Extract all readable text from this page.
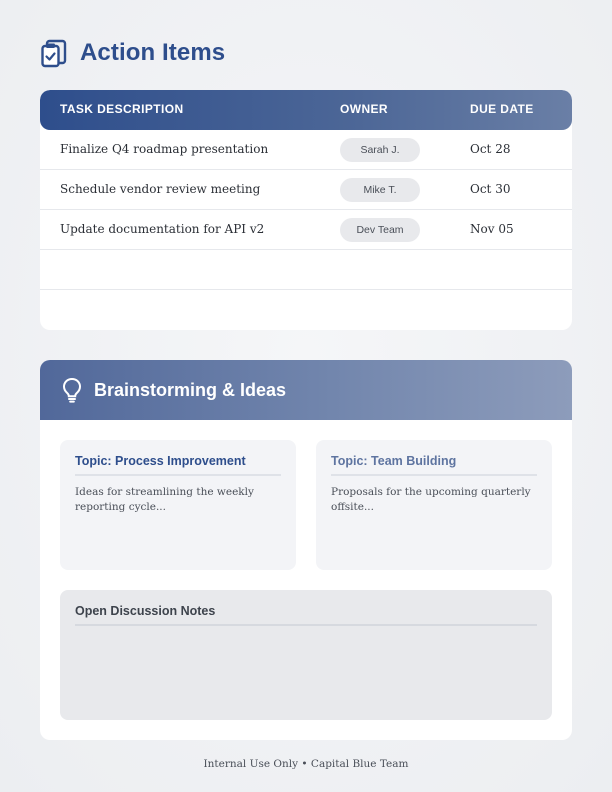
Action Items
TASK DESCRIPTION	OWNER	DUE DATE
Finalize Q4 roadmap presentation	Sarah J.	Oct 28
Schedule vendor review meeting	Mike T.	Oct 30
Update documentation for API v2	Dev Team	Nov 05
Brainstorming & Ideas
Topic: Process Improvement
Ideas for streamlining the weekly reporting cycle...
Topic: Team Building
Proposals for the upcoming quarterly offsite...
Open Discussion Notes
Internal Use Only • Capital Blue Team
